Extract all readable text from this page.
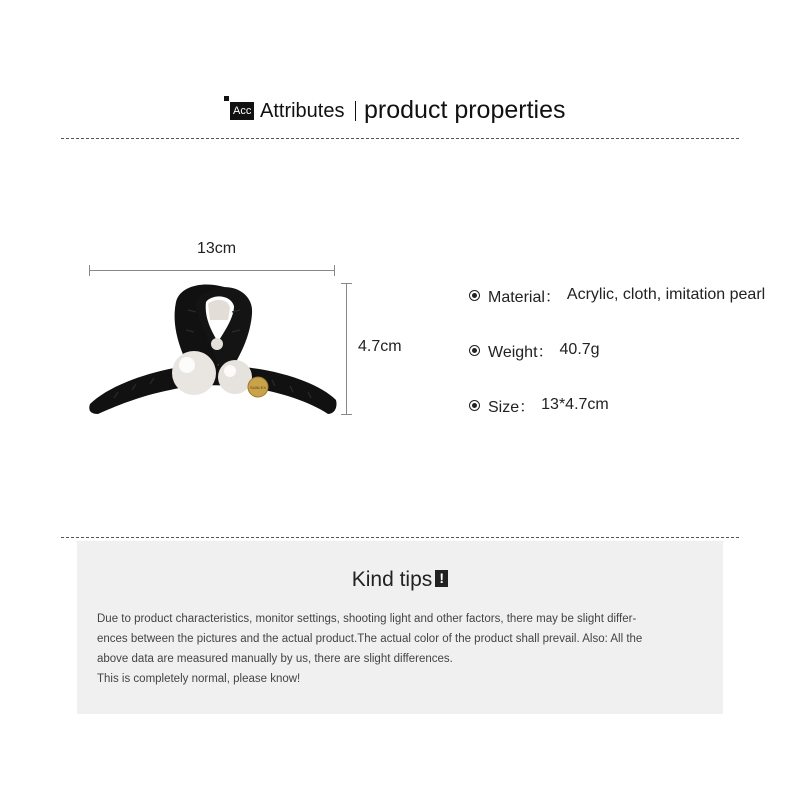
Acc Attributes product properties
13cm
4.7cm
SUNLEX
Material： Acrylic, cloth, imitation pearl
Weight： 40.7g
Size： 13*4.7cm
Kind tips !

Due to product characteristics, monitor settings, shooting light and other factors, there may be slight differ-

ences between the pictures and the actual product.The actual color of the product shall prevail. Also: All the

above data are measured manually by us, there are slight differences.

This is completely normal, please know!
